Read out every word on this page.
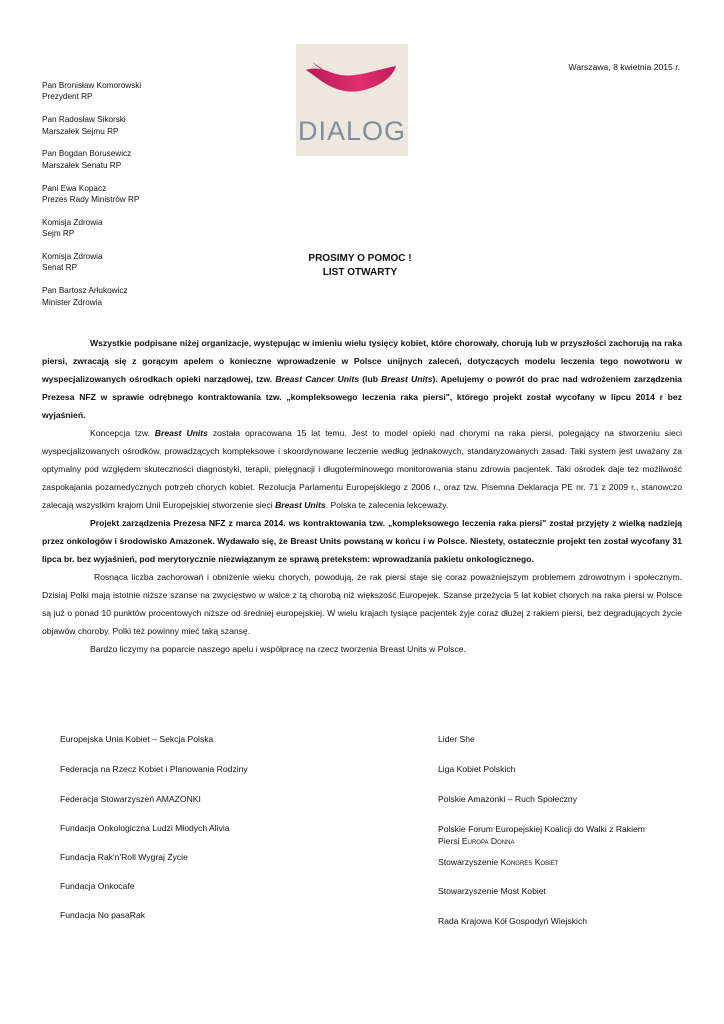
Warszawa, 8 kwietnia 2015 r.
DIALOG
Pan Bronisław Komorowski
Prezydent RP
Pan Radosław Sikorski
Marszałek Sejmu RP
Pan Bogdan Borusewicz
Marszałek Senatu RP
Pani Ewa Kopacz
Prezes Rady Ministrów RP
Komisja Zdrowia
Sejm RP
Komisja Zdrowia
Senat RP
Pan Bartosz Arłukowicz
Minister Zdrowia
PROSIMY O POMOC !
LIST OTWARTY

Wszystkie podpisane niżej organizacje, występując w imieniu wielu tysięcy kobiet, które chorowały, chorują lub w przyszłości zachorują na raka piersi, zwracają się z gorącym apelem o konieczne wprowadzenie w Polsce unijnych zaleceń, dotyczących modelu leczenia tego nowotworu w wyspecjalizowanych ośrodkach opieki narządowej, tzw. Breast Cancer Units (lub Breast Units). Apelujemy o powrót do prac nad wdrożeniem zarządzenia Prezesa NFZ w sprawie odrębnego kontraktowania tzw. „kompleksowego leczenia raka piersi", którego projekt został wycofany w lipcu 2014 r bez wyjaśnień.

Koncepcja tzw. Breast Units została opracowana 15 lat temu. Jest to model opieki nad chorymi na raka piersi, polegający na stworzeniu sieci wyspecjalizowanych ośrodków, prowadzących kompleksowe i skoordynowane leczenie według jednakowych, standaryzowanych zasad. Taki system jest uważany za optymalny pod względem skuteczności diagnostyki, terapii, pielęgnacji i długoterminowego monitorowania stanu zdrowia pacjentek. Taki ośrodek daje też możliwość zaspokajania pozamedycznych potrzeb chorych kobiet. Rezolucja Parlamentu Europejskiego z 2006 r., oraz tzw. Pisemna Deklaracja PE nr. 71 z 2009 r., stanowczo zalecają wszystkim krajom Unii Europejskiej stworzenie sieci Breast Units. Polska te zalecenia lekceważy.

Projekt zarządzenia Prezesa NFZ z marca 2014. ws kontraktowania tzw. „kompleksowego leczenia raka piersi" został przyjęty z wielką nadzieją przez onkologów i środowisko Amazonek. Wydawało się, że Breast Units powstaną w końcu i w Polsce. Niestety, ostatecznie projekt ten został wycofany 31 lipca br. bez wyjaśnień, pod merytorycznie niezwiązanym ze sprawą pretekstem: wprowadzania pakietu onkologicznego.

Rosnąca liczba zachorowań i obniżenie wieku chorych, powodują, że rak piersi staje się coraz poważniejszym problemem zdrowotnym i społecznym. Dzisiaj Polki mają istotnie niższe szanse na zwycięstwo w walce z tą chorobą niż większość Europejek. Szanse przeżycia 5 lat kobiet chorych na raka piersi w Polsce są już o ponad 10 punktów procentowych niższe od średniej europejskiej. W wielu krajach tysiące pacjentek żyje coraz dłużej z rakiem piersi, bez degradujących życie objawów choroby. Polki też powinny mieć taką szansę.

Bardzo liczymy na poparcie naszego apelu i współpracę na rzecz tworzenia Breast Units w Polsce.

Europejska Unia Kobiet – Sekcja Polska
Federacja na Rzecz Kobiet i Planowania Rodziny
Federacja Stowarzyszeń AMAZONKI
Fundacja Onkologiczna Ludzi Młodych Alivia
Fundacja Rak'n'Roll Wygraj Życie
Fundacja Onkocafe
Fundacja No pasaRak
Lider She
Liga Kobiet Polskich
Polskie Amazonki – Ruch Społeczny
Polskie Forum Europejskiej Koalicji do Walki z Rakiem
Piersi Europa Donna
Stowarzyszenie Kongres Kobiet
Stowarzyszenie Most Kobiet
Rada Krajowa Kół Gospodyń Wiejskich
